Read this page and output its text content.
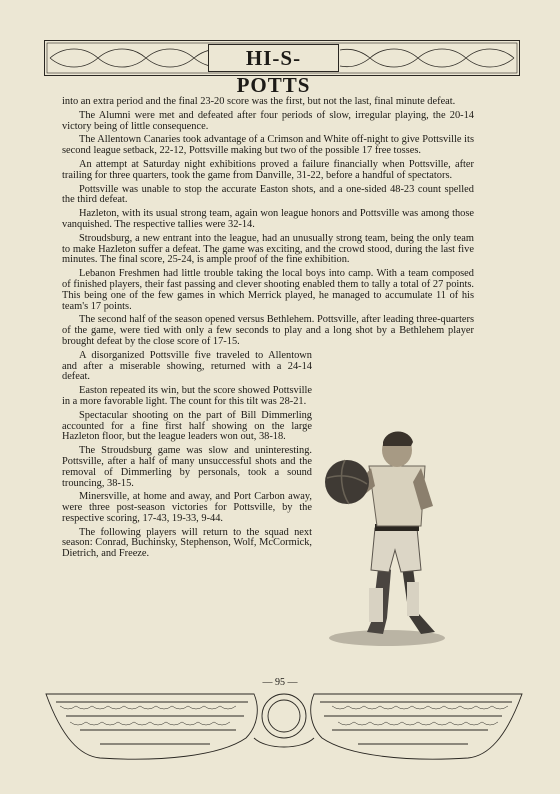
HI-S-POTTS

into an extra period and the final 23-20 score was the first, but not the last, final minute defeat.

The Alumni were met and defeated after four periods of slow, irregular playing, the 20-14 victory being of little consequence.

The Allentown Canaries took advantage of a Crimson and White off-night to give Pottsville its second league setback, 22-12, Pottsville making but two of the possible 17 free tosses.

An attempt at Saturday night exhibitions proved a failure financially when Pottsville, after trailing for three quarters, took the game from Danville, 31-22, before a handful of spectators.

Pottsville was unable to stop the accurate Easton shots, and a one-sided 48-23 count spelled the third defeat.

Hazleton, with its usual strong team, again won league honors and Pottsville was among those vanquished. The respective tallies were 32-14.

Stroudsburg, a new entrant into the league, had an unusually strong team, being the only team to make Hazleton suffer a defeat. The game was exciting, and the crowd stood, during the last five minutes. The final score, 25-24, is ample proof of the fine exhibition.

Lebanon Freshmen had little trouble taking the local boys into camp. With a team composed of finished players, their fast passing and clever shooting enabled them to tally a total of 27 points. This being one of the few games in which Merrick played, he managed to accumulate 11 of his team's 17 points.

The second half of the season opened versus Bethlehem. Pottsville, after leading three-quarters of the game, were tied with only a few seconds to play and a long shot by a Bethlehem player brought defeat by the close score of 17-15.

A disorganized Pottsville five traveled to Allentown and after a miserable showing, returned with a 24-14 defeat.

Easton repeated its win, but the score showed Pottsville in a more favorable light. The count for this tilt was 28-21.

Spectacular shooting on the part of Bill Dimmerling accounted for a fine first half showing on the large Hazleton floor, but the league leaders won out, 38-18.

The Stroudsburg game was slow and uninteresting. Pottsville, after a half of many unsuccessful shots and the removal of Dimmerling by personals, took a sound trouncing, 38-15.

Minersville, at home and away, and Port Carbon away, were three post-season victories for Pottsville, by the respective scoring, 17-43, 19-33, 9-44.

The following players will return to the squad next season: Conrad, Buchinsky, Stephenson, Wolf, McCormick, Dietrich, and Freeze.

— 95 —
